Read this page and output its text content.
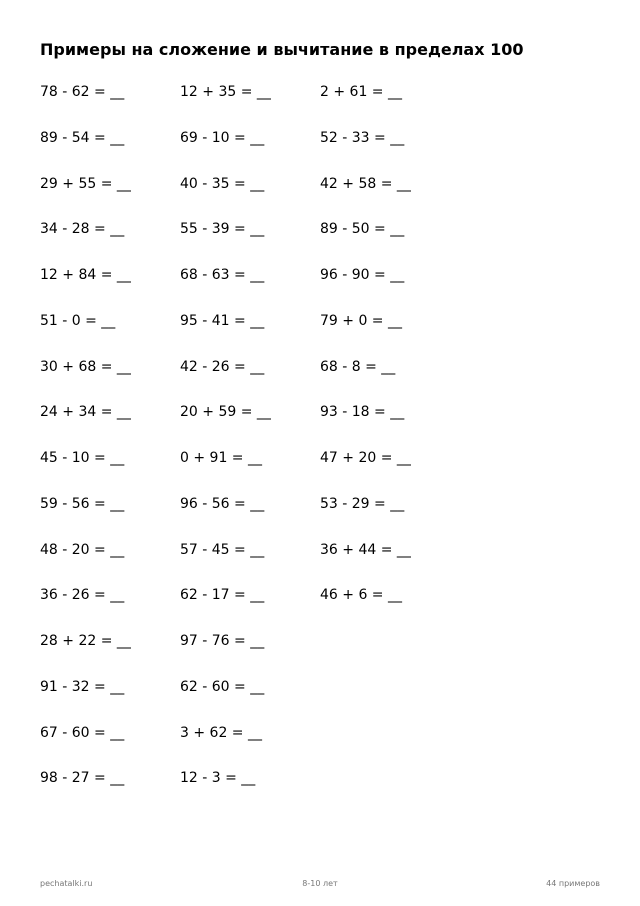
Примеры на сложение и вычитание в пределах 100
78 - 62 = __
89 - 54 = __
29 + 55 = __
34 - 28 = __
12 + 84 = __
51 - 0 = __
30 + 68 = __
24 + 34 = __
45 - 10 = __
59 - 56 = __
48 - 20 = __
36 - 26 = __
28 + 22 = __
91 - 32 = __
67 - 60 = __
98 - 27 = __
12 + 35 = __
69 - 10 = __
40 - 35 = __
55 - 39 = __
68 - 63 = __
95 - 41 = __
42 - 26 = __
20 + 59 = __
0 + 91 = __
96 - 56 = __
57 - 45 = __
62 - 17 = __
97 - 76 = __
62 - 60 = __
3 + 62 = __
12 - 3 = __
2 + 61 = __
52 - 33 = __
42 + 58 = __
89 - 50 = __
96 - 90 = __
79 + 0 = __
68 - 8 = __
93 - 18 = __
47 + 20 = __
53 - 29 = __
36 + 44 = __
46 + 6 = __
pechatalki.ru	8-10 лет	44 примеров
